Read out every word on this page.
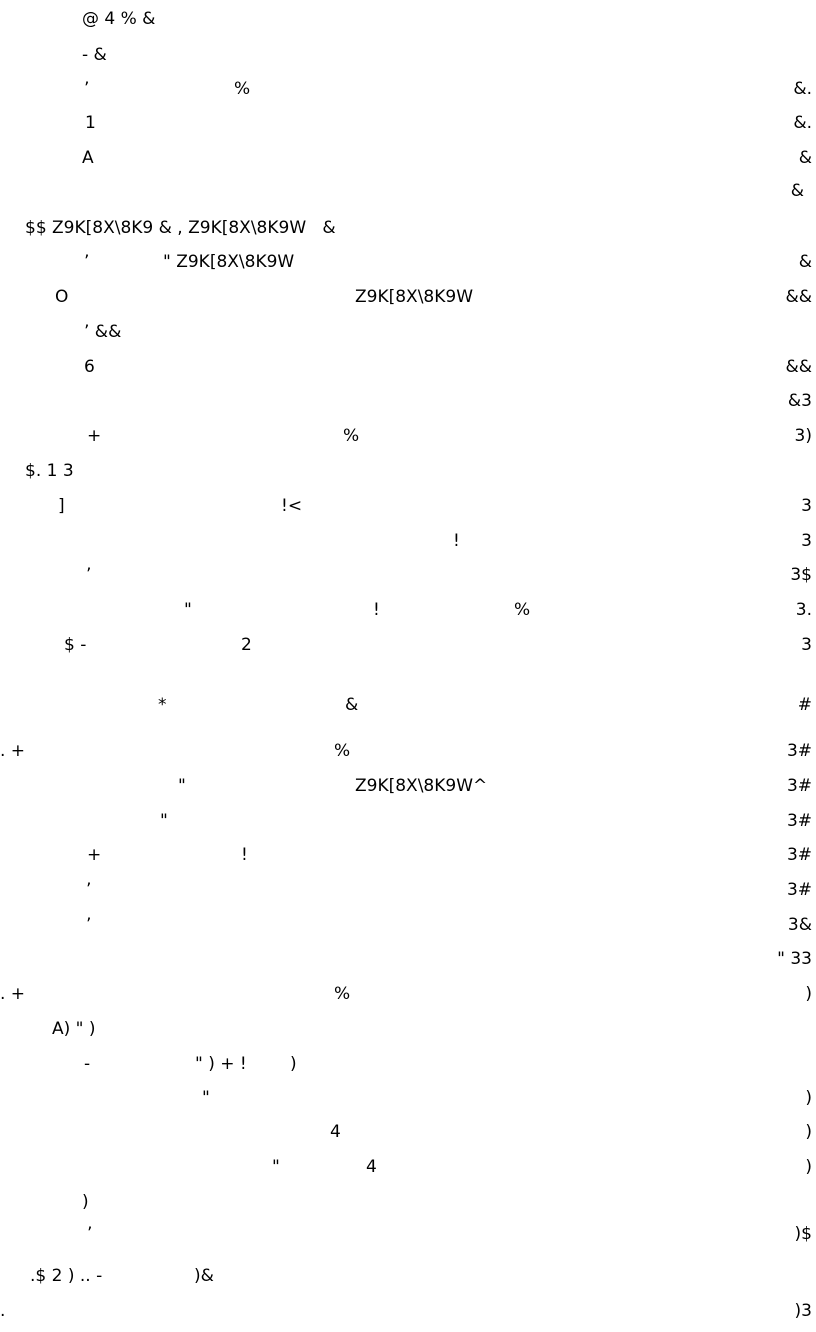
@ 4 % &
- &
’	%	&.
1	&.
A	&
&
$$ Z9K[8X\8K9 & , Z9K[8X\8K9W   &
’	" Z9K[8X\8K9W	&
O	Z9K[8X\8K9W	&&
’ &&
6	&&
&3
+	%	3)
$. 1 3
]	!<	3
!	3
’	3$
"	!	%	3.
$ -	2	3
*	&	#
. +	%	3#
"	Z9K[8X\8K9W^	3#
"	3#
+	!	3#
’	3#
’	3&
" 33
. +	%	)
A) " )
-	" ) + !	)
"	)
4	)
"	4	)
)
’	)$
.$ 2 ) .. -	)&
.	)3
